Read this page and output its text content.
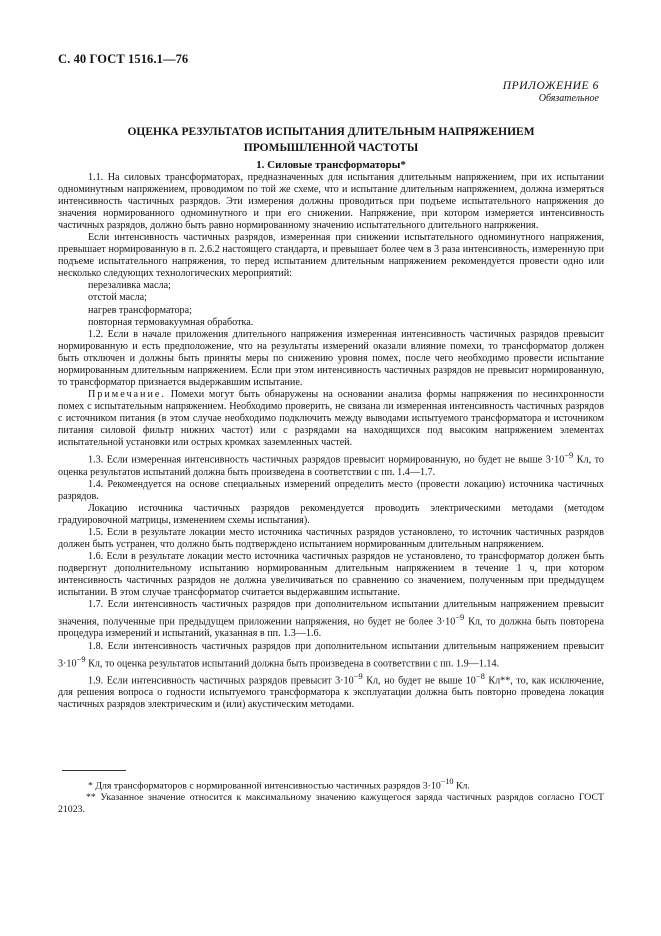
С. 40 ГОСТ 1516.1—76
ПРИЛОЖЕНИЕ 6
Обязательное
ОЦЕНКА РЕЗУЛЬТАТОВ ИСПЫТАНИЯ ДЛИТЕЛЬНЫМ НАПРЯЖЕНИЕМ
ПРОМЫШЛЕННОЙ ЧАСТОТЫ
1. Силовые трансформаторы*

1.1. На силовых трансформаторах, предназначенных для испытания длительным напряжением, при их испытании одноминутным напряжением, проводимом по той же схеме, что и испытание длительным напряжением, должна измеряться интенсивность частичных разрядов. Эти измерения должны проводиться при подъеме испытательного напряжения до значения нормированного одноминутного и при его снижении. Напряжение, при котором измеряется интенсивность частичных разрядов, должно быть равно нормированному значению испытательного длительного напряжения.

Если интенсивность частичных разрядов, измеренная при снижении испытательного одноминутного напряжения, превышает нормированную в п. 2.6.2 настоящего стандарта, и превышает более чем в 3 раза интенсивность, измеренную при подъеме испытательного напряжения, то перед испытанием длительным напряжением рекомендуется провести одно или несколько следующих технологических мероприятий:

перезаливка масла;

отстой масла;

нагрев трансформатора;

повторная термовакуумная обработка.

1.2. Если в начале приложения длительного напряжения измеренная интенсивность частичных разрядов превысит нормированную и есть предположение, что на результаты измерений оказали влияние помехи, то трансформатор должен быть отключен и должны быть приняты меры по снижению уровня помех, после чего необходимо провести испытание нормированным длительным напряжением. Если при этом интенсивность частичных разрядов не превысит нормированную, то трансформатор признается выдержавшим испытание.

Примечание. Помехи могут быть обнаружены на основании анализа формы напряжения по несинхронности помех с испытательным напряжением. Необходимо проверить, не связана ли измеренная интенсивность частичных разрядов с источником питания (в этом случае необходимо подключить между выводами испытуемого трансформатора и источником питания силовой фильтр нижних частот) или с разрядами на находящихся под высоким напряжением элементах испытательной установки или острых кромках заземленных частей.

1.3. Если измеренная интенсивность частичных разрядов превысит нормированную, но будет не выше $3\cdot 10^{-9}$ Кл, то оценка результатов испытаний должна быть произведена в соответствии с пп. 1.4—1.7.

1.4. Рекомендуется на основе специальных измерений определить место (провести локацию) источника частичных разрядов.

Локацию источника частичных разрядов рекомендуется проводить электрическими методами (методом градуировочной матрицы, изменением схемы испытания).

1.5. Если в результате локации место источника частичных разрядов установлено, то источник частичных разрядов должен быть устранен, что должно быть подтверждено испытанием нормированным длительным напряжением.

1.6. Если в результате локации место источника частичных разрядов не установлено, то трансформатор должен быть подвергнут дополнительному испытанию нормированным длительным напряжением в течение 1 ч, при котором интенсивность частичных разрядов не должна увеличиваться по сравнению со значением, полученным при предыдущем испытании. В этом случае трансформатор считается выдержавшим испытание.

1.7. Если интенсивность частичных разрядов при дополнительном испытании длительным напряжением превысит значения, полученные при предыдущем приложении напряжения, но будет не более $3\cdot 10^{-9}$ Кл, то должна быть повторена процедура измерений и испытаний, указанная в пп. 1.3—1.6.

1.8. Если интенсивность частичных разрядов при дополнительном испытании длительным напряжением превысит $3\cdot 10^{-9}$ Кл, то оценка результатов испытаний должна быть произведена в соответствии с пп. 1.9—1.14.

1.9. Если интенсивность частичных разрядов превысит $3\cdot 10^{-9}$ Кл, но будет не выше $10^{-8}$ Кл**, то, как исключение, для решения вопроса о годности испытуемого трансформатора к эксплуатации должна быть повторно проведена локация частичных разрядов электрическим и (или) акустическим методами.

* Для трансформаторов с нормированной интенсивностью частичных разрядов $3\cdot 10^{-10}$ Кл.

** Указанное значение относится к максимальному значению кажущегося заряда частичных разрядов согласно ГОСТ 21023.
